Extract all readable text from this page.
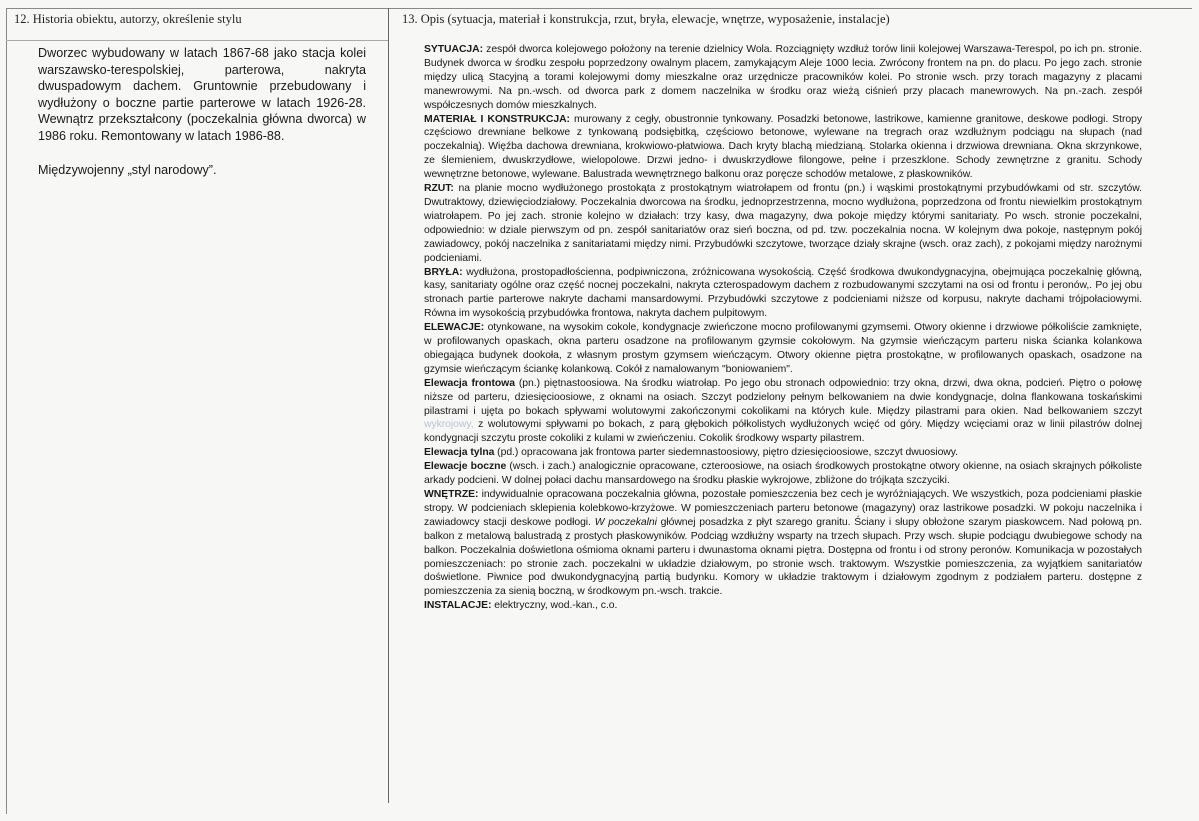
12. Historia obiektu, autorzy, określenie stylu

Dworzec wybudowany w latach 1867-68 jako stacja kolei warszawsko-terespolskiej, parterowa, nakryta dwuspadowym dachem. Gruntownie przebudowany i wydłużony o boczne partie parterowe w latach 1926-28. Wewnątrz przekształcony (poczekalnia główna dworca) w 1986 roku. Remontowany w latach 1986-88.

Międzywojenny „styl narodowy”.

13. Opis (sytuacja, materiał i konstrukcja, rzut, bryła, elewacje, wnętrze, wyposażenie, instalacje)

SYTUACJA: zespół dworca kolejowego położony na terenie dzielnicy Wola. Rozciągnięty wzdłuż torów linii kolejowej Warszawa-Terespol, po ich pn. stronie. Budynek dworca w środku zespołu poprzedzony owalnym placem, zamykającym Aleje 1000 lecia. Zwrócony frontem na pn. do placu. Po jego zach. stronie między ulicą Stacyjną a torami kolejowymi domy mieszkalne oraz urzędnicze pracowników kolei. Po stronie wsch. przy torach magazyny z placami manewrowymi. Na pn.-wsch. od dworca park z domem naczelnika w środku oraz wieżą ciśnień przy placach manewrowych. Na pn.-zach. zespół współczesnych domów mieszkalnych.

MATERIAŁ I KONSTRUKCJA: murowany z cegły, obustronnie tynkowany. Posadzki betonowe, lastrikowe, kamienne granitowe, deskowe podłogi. Stropy częściowo drewniane belkowe z tynkowaną podsiębitką, częściowo betonowe, wylewane na tregrach oraz wzdłużnym podciągu na słupach (nad poczekalnią). Więźba dachowa drewniana, krokwiowo-płatwiowa. Dach kryty blachą miedzianą. Stolarka okienna i drzwiowa drewniana. Okna skrzynkowe, ze ślemieniem, dwuskrzydłowe, wielopolowe. Drzwi jedno- i dwuskrzydłowe filongowe, pełne i przeszklone. Schody zewnętrzne z granitu. Schody wewnętrzne betonowe, wylewane. Balustrada wewnętrznego balkonu oraz poręcze schodów metalowe, z płaskowników.

RZUT: na planie mocno wydłużonego prostokąta z prostokątnym wiatrołapem od frontu (pn.) i wąskimi prostokątnymi przybudówkami od str. szczytów. Dwutraktowy, dziewięciodziałowy. Poczekalnia dworcowa na środku, jednoprzestrzenna, mocno wydłużona, poprzedzona od frontu niewielkim prostokątnym wiatrołapem. Po jej zach. stronie kolejno w działach: trzy kasy, dwa magazyny, dwa pokoje między którymi sanitariaty. Po wsch. stronie poczekalni, odpowiednio: w dziale pierwszym od pn. zespół sanitariatów oraz sień boczna, od pd. tzw. poczekalnia nocna. W kolejnym dwa pokoje, następnym pokój zawiadowcy, pokój naczelnika z sanitariatami między nimi. Przybudówki szczytowe, tworzące działy skrajne (wsch. oraz zach), z pokojami między narożnymi podcieniami.

BRYŁA: wydłużona, prostopadłościenna, podpiwniczona, zróżnicowana wysokością. Część środkowa dwukondygnacyjna, obejmująca poczekalnię główną, kasy, sanitariaty ogólne oraz część nocnej poczekalni, nakryta czterospadowym dachem z rozbudowanymi szczytami na osi od frontu i peronów,. Po jej obu stronach partie parterowe nakryte dachami mansardowymi. Przybudówki szczytowe z podcieniami niższe od korpusu, nakryte dachami trójpołaciowymi. Równa im wysokością przybudówka frontowa, nakryta dachem pulpitowym.

ELEWACJE: otynkowane, na wysokim cokole, kondygnacje zwieńczone mocno profilowanymi gzymsemi. Otwory okienne i drzwiowe półkoliście zamknięte, w profilowanych opaskach, okna parteru osadzone na profilowanym gzymsie cokołowym. Na gzymsie wieńczącym parteru niska ścianka kolankowa obiegająca budynek dookoła, z własnym prostym gzymsem wieńczącym. Otwory okienne piętra prostokątne, w profilowanych opaskach, osadzone na gzymsie wieńczącym ściankę kolankową. Cokół z namalowanym "boniowaniem".

Elewacja frontowa (pn.) piętnastoosiowa. Na środku wiatrołap. Po jego obu stronach odpowiednio: trzy okna, drzwi, dwa okna, podcień. Piętro o połowę niższe od parteru, dziesięcioosiowe, z oknami na osiach. Szczyt podzielony pełnym belkowaniem na dwie kondygnacje, dolna flankowana toskańskimi pilastrami i ujęta po bokach spływami wolutowymi zakończonymi cokolikami na których kule. Między pilastrami para okien. Nad belkowaniem szczyt wykrojowy, z wolutowymi spływami po bokach, z parą głębokich półkolistych wydłużonych wcięć od góry. Między wcięciami oraz w linii pilastrów dolnej kondygnacji szczytu proste cokoliki z kulami w zwieńczeniu. Cokolik środkowy wsparty pilastrem.

Elewacja tylna (pd.) opracowana jak frontowa parter siedemnastoosiowy, piętro dziesięcioosiowe, szczyt dwuosiowy.

Elewacje boczne (wsch. i zach.) analogicznie opracowane, czteroosiowe, na osiach środkowych prostokątne otwory okienne, na osiach skrajnych półkoliste arkady podcieni. W dolnej połaci dachu mansardowego na środku płaskie wykrojowe, zbliżone do trójkąta szczyciki.

WNĘTRZE: indywidualnie opracowana poczekalnia główna, pozostałe pomieszczenia bez cech je wyróżniających. We wszystkich, poza podcieniami płaskie stropy. W podcieniach sklepienia kolebkowo-krzyżowe. W pomieszczeniach parteru betonowe (magazyny) oraz lastrikowe posadzki. W pokoju naczelnika i zawiadowcy stacji deskowe podłogi. W poczekalni głównej posadzka z płyt szarego granitu. Ściany i słupy obłożone szarym piaskowcem. Nad połową pn. balkon z metalową balustradą z prostych płaskowyników. Podciąg wzdłużny wsparty na trzech słupach. Przy wsch. słupie podciągu dwubiegowe schody na balkon. Poczekalnia doświetlona ośmioma oknami parteru i dwunastoma oknami piętra. Dostępna od frontu i od strony peronów. Komunikacja w pozostałych pomieszczeniach: po stronie zach. poczekalni w układzie działowym, po stronie wsch. traktowym. Wszystkie pomieszczenia, za wyjątkiem sanitariatów doświetlone. Piwnice pod dwukondygnacyjną partią budynku. Komory w układzie traktowym i działowym zgodnym z podziałem parteru. dostępne z pomieszczenia za sienią boczną, w środkowym pn.-wsch. trakcie.

INSTALACJE: elektryczny, wod.-kan., c.o.
